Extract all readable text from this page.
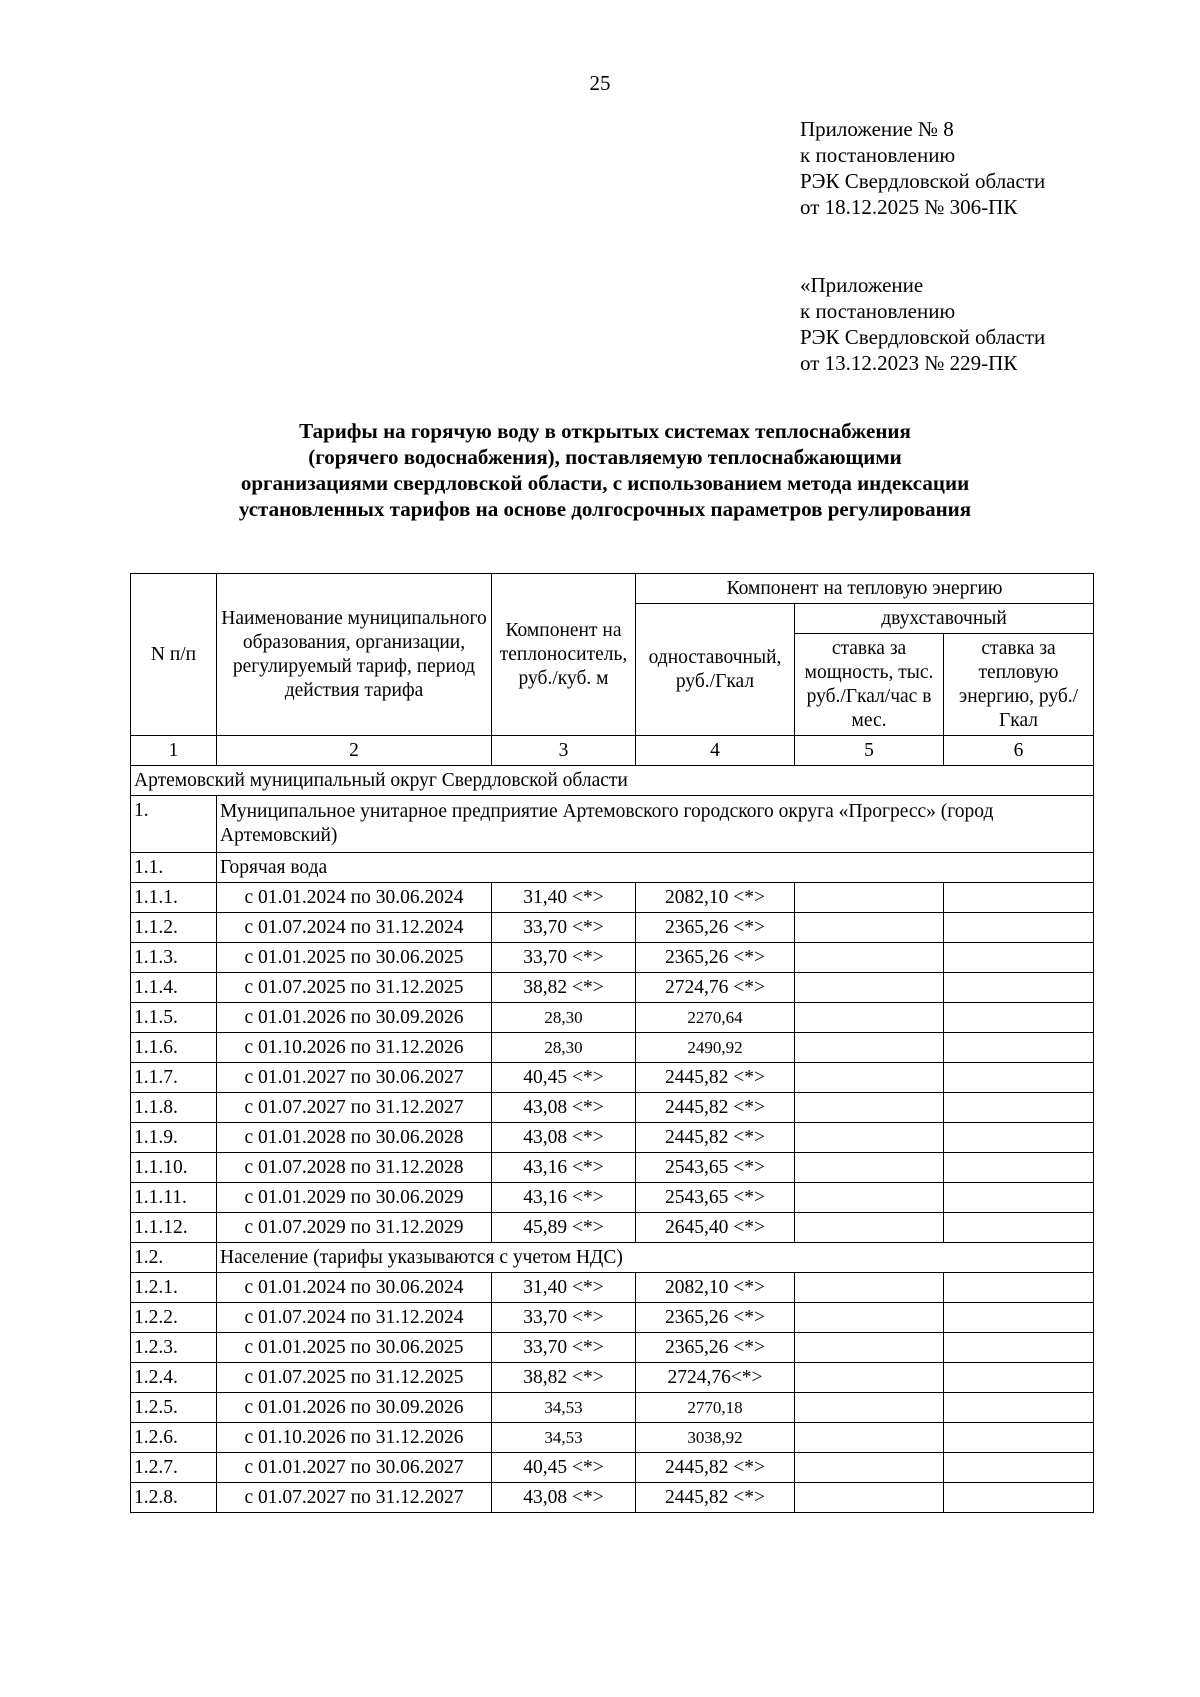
25
Приложение № 8
к постановлению
РЭК Свердловской области
от 18.12.2025 № 306-ПК
«Приложение
к постановлению
РЭК Свердловской области
от 13.12.2023 № 229-ПК
Тарифы на горячую воду в открытых системах теплоснабжения
(горячего водоснабжения), поставляемую теплоснабжающими
организациями свердловской области, с использованием метода индексации
установленных тарифов на основе долгосрочных параметров регулирования
N п/п	Наименование муниципального образования, организации, регулируемый тариф, период действия тарифа	Компонент на теплоноситель, руб./куб. м	Компонент на тепловую энергию		
			одноставочный, руб./Гкал	двухставочный	
				ставка за мощность, тыс. руб./Гкал/час в мес.	ставка за тепловую энергию, руб./Гкал
1	2	3	4	5	6
Артемовский муниципальный округ Свердловской области					
1.	Муниципальное унитарное предприятие Артемовского городского округа «Прогресс» (город Артемовский)				
1.1.	Горячая вода				
1.1.1.	с 01.01.2024 по 30.06.2024	31,40 <*>	2082,10 <*>		
1.1.2.	с 01.07.2024 по 31.12.2024	33,70 <*>	2365,26 <*>		
1.1.3.	с 01.01.2025 по 30.06.2025	33,70 <*>	2365,26 <*>		
1.1.4.	с 01.07.2025 по 31.12.2025	38,82 <*>	2724,76 <*>		
1.1.5.	с 01.01.2026 по 30.09.2026	28,30	2270,64		
1.1.6.	с 01.10.2026 по 31.12.2026	28,30	2490,92		
1.1.7.	с 01.01.2027 по 30.06.2027	40,45 <*>	2445,82 <*>		
1.1.8.	с 01.07.2027 по 31.12.2027	43,08 <*>	2445,82 <*>		
1.1.9.	с 01.01.2028 по 30.06.2028	43,08 <*>	2445,82 <*>		
1.1.10.	с 01.07.2028 по 31.12.2028	43,16 <*>	2543,65 <*>		
1.1.11.	с 01.01.2029 по 30.06.2029	43,16 <*>	2543,65 <*>		
1.1.12.	с 01.07.2029 по 31.12.2029	45,89 <*>	2645,40 <*>		
1.2.	Население (тарифы указываются с учетом НДС)				
1.2.1.	с 01.01.2024 по 30.06.2024	31,40 <*>	2082,10 <*>		
1.2.2.	с 01.07.2024 по 31.12.2024	33,70 <*>	2365,26 <*>		
1.2.3.	с 01.01.2025 по 30.06.2025	33,70 <*>	2365,26 <*>		
1.2.4.	с 01.07.2025 по 31.12.2025	38,82 <*>	2724,76<*>		
1.2.5.	с 01.01.2026 по 30.09.2026	34,53	2770,18		
1.2.6.	с 01.10.2026 по 31.12.2026	34,53	3038,92		
1.2.7.	с 01.01.2027 по 30.06.2027	40,45 <*>	2445,82 <*>		
1.2.8.	с 01.07.2027 по 31.12.2027	43,08 <*>	2445,82 <*>		
